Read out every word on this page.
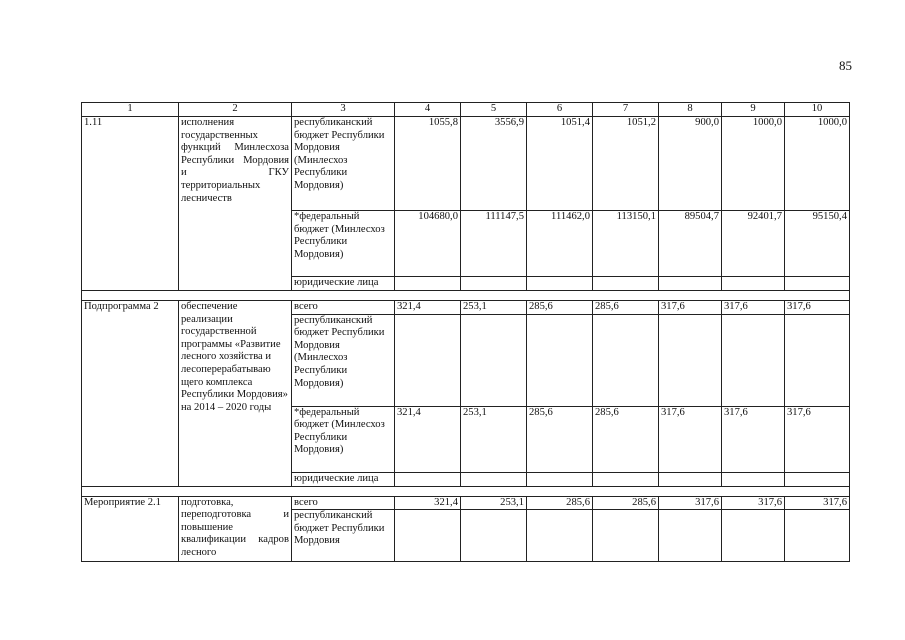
85
1	2	3	4	5	6	7	8	9	10
1.11	исполнения государственных функций Минлесхоза Республики Мордовия и ГКУ территориальных лесничеств	республиканский бюджет Республики Мордовия (Минлесхоз Республики Мордовия)	1055,8	3556,9	1051,4	1051,2	900,0	1000,0	1000,0
		*федеральный бюджет (Минлесхоз Республики Мордовия)	104680,0	111147,5	111462,0	113150,1	89504,7	92401,7	95150,4
		юридические лица							

Подпрограмма 2	обеспечение реализации государственной программы «Развитие лесного хозяйства и лесоперерабатываю щего комплекса Республики Мордовия» на 2014 – 2020 годы	всего	321,4	253,1	285,6	285,6	317,6	317,6	317,6
		республиканский бюджет Республики Мордовия (Минлесхоз Республики Мордовия)							
		*федеральный бюджет (Минлесхоз Республики Мордовия)	321,4	253,1	285,6	285,6	317,6	317,6	317,6
		юридические лица							

Мероприятие 2.1	подготовка, переподготовка и повышение квалификации кадров лесного	всего	321,4	253,1	285,6	285,6	317,6	317,6	317,6
		республиканский бюджет Республики Мордовия							
